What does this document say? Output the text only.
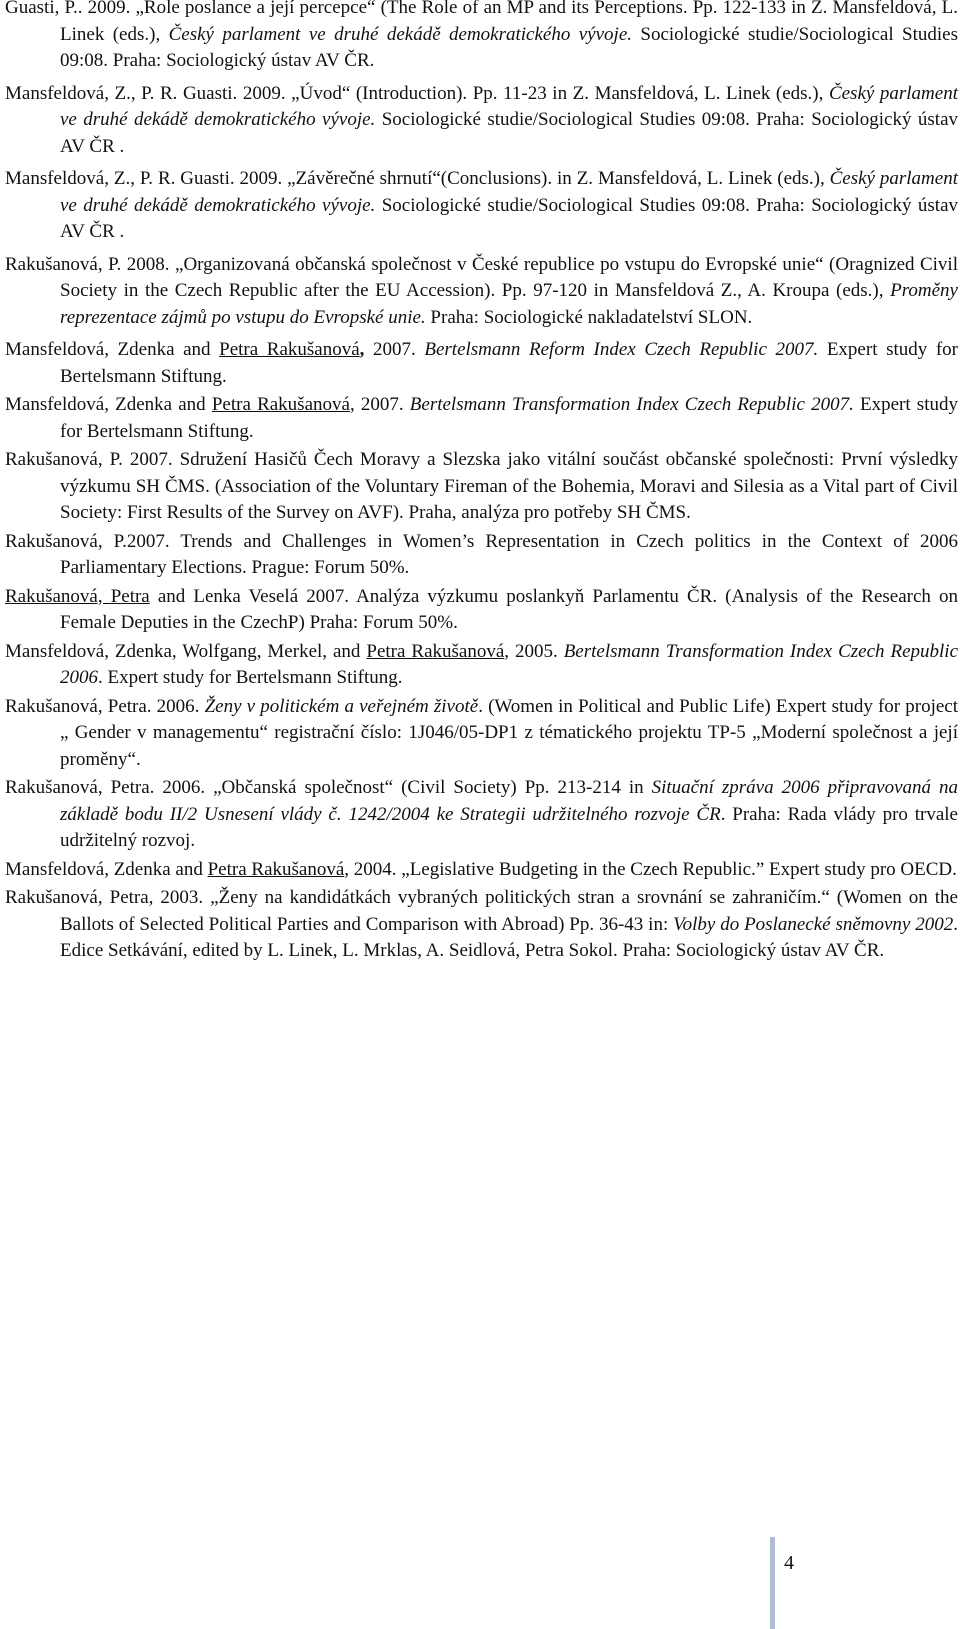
Guasti, P.. 2009. „Role poslance a její percepce“ (The Role of an MP and its Perceptions. Pp. 122-133 in Z. Mansfeldová, L. Linek (eds.), Český parlament ve druhé dekádě demokratického vývoje. Sociologické studie/Sociological Studies 09:08. Praha: Sociologický ústav AV ČR.

Mansfeldová, Z., P. R. Guasti. 2009. „Úvod“ (Introduction). Pp. 11-23 in Z. Mansfeldová, L. Linek (eds.), Český parlament ve druhé dekádě demokratického vývoje. Sociologické studie/Sociological Studies 09:08. Praha: Sociologický ústav AV ČR .

Mansfeldová, Z., P. R. Guasti. 2009. „Závěrečné shrnutí“(Conclusions). in Z. Mansfeldová, L. Linek (eds.), Český parlament ve druhé dekádě demokratického vývoje. Sociologické studie/Sociological Studies 09:08. Praha: Sociologický ústav AV ČR .

Rakušanová, P. 2008. „Organizovaná občanská společnost v České republice po vstupu do Evropské unie“ (Oragnized Civil Society in the Czech Republic after the EU Accession). Pp. 97-120 in Mansfeldová Z., A. Kroupa (eds.), Proměny reprezentace zájmů po vstupu do Evropské unie. Praha: Sociologické nakladatelství SLON.

Mansfeldová, Zdenka and Petra Rakušanová, 2007. Bertelsmann Reform Index Czech Republic 2007. Expert study for Bertelsmann Stiftung.

Mansfeldová, Zdenka and Petra Rakušanová, 2007. Bertelsmann Transformation Index Czech Republic 2007. Expert study for Bertelsmann Stiftung.

Rakušanová, P. 2007. Sdružení Hasičů Čech Moravy a Slezska jako vitální součást občanské společnosti: První výsledky výzkumu SH ČMS. (Association of the Voluntary Fireman of the Bohemia, Moravi and Silesia as a Vital part of Civil Society: First Results of the Survey on AVF). Praha, analýza pro potřeby SH ČMS.

Rakušanová, P.2007. Trends and Challenges in Women’s Representation in Czech politics in the Context of 2006 Parliamentary Elections. Prague: Forum 50%.

Rakušanová, Petra and Lenka Veselá 2007. Analýza výzkumu poslankyň Parlamentu ČR. (Analysis of the Research on Female Deputies in the CzechP) Praha: Forum 50%.

Mansfeldová, Zdenka, Wolfgang, Merkel, and Petra Rakušanová, 2005. Bertelsmann Transformation Index Czech Republic 2006. Expert study for Bertelsmann Stiftung.

Rakušanová, Petra. 2006. Ženy v politickém a veřejném životě. (Women in Political and Public Life) Expert study for project „ Gender v managementu“ registrační číslo: 1J046/05-DP1 z tématického projektu TP-5 „Moderní společnost a její proměny“.

Rakušanová, Petra. 2006. „Občanská společnost“ (Civil Society) Pp. 213-214 in Situační zpráva 2006 připravovaná na základě bodu II/2 Usnesení vlády č. 1242/2004 ke Strategii udržitelného rozvoje ČR. Praha: Rada vlády pro trvale udržitelný rozvoj.

Mansfeldová, Zdenka and Petra Rakušanová, 2004. „Legislative Budgeting in the Czech Republic.” Expert study pro OECD.

Rakušanová, Petra, 2003. „Ženy na kandidátkách vybraných politických stran a srovnání se zahraničím.“ (Women on the Ballots of Selected Political Parties and Comparison with Abroad) Pp. 36-43 in: Volby do Poslanecké sněmovny 2002. Edice Setkávání, edited by L. Linek, L. Mrklas, A. Seidlová, Petra Sokol. Praha: Sociologický ústav AV ČR.

4
